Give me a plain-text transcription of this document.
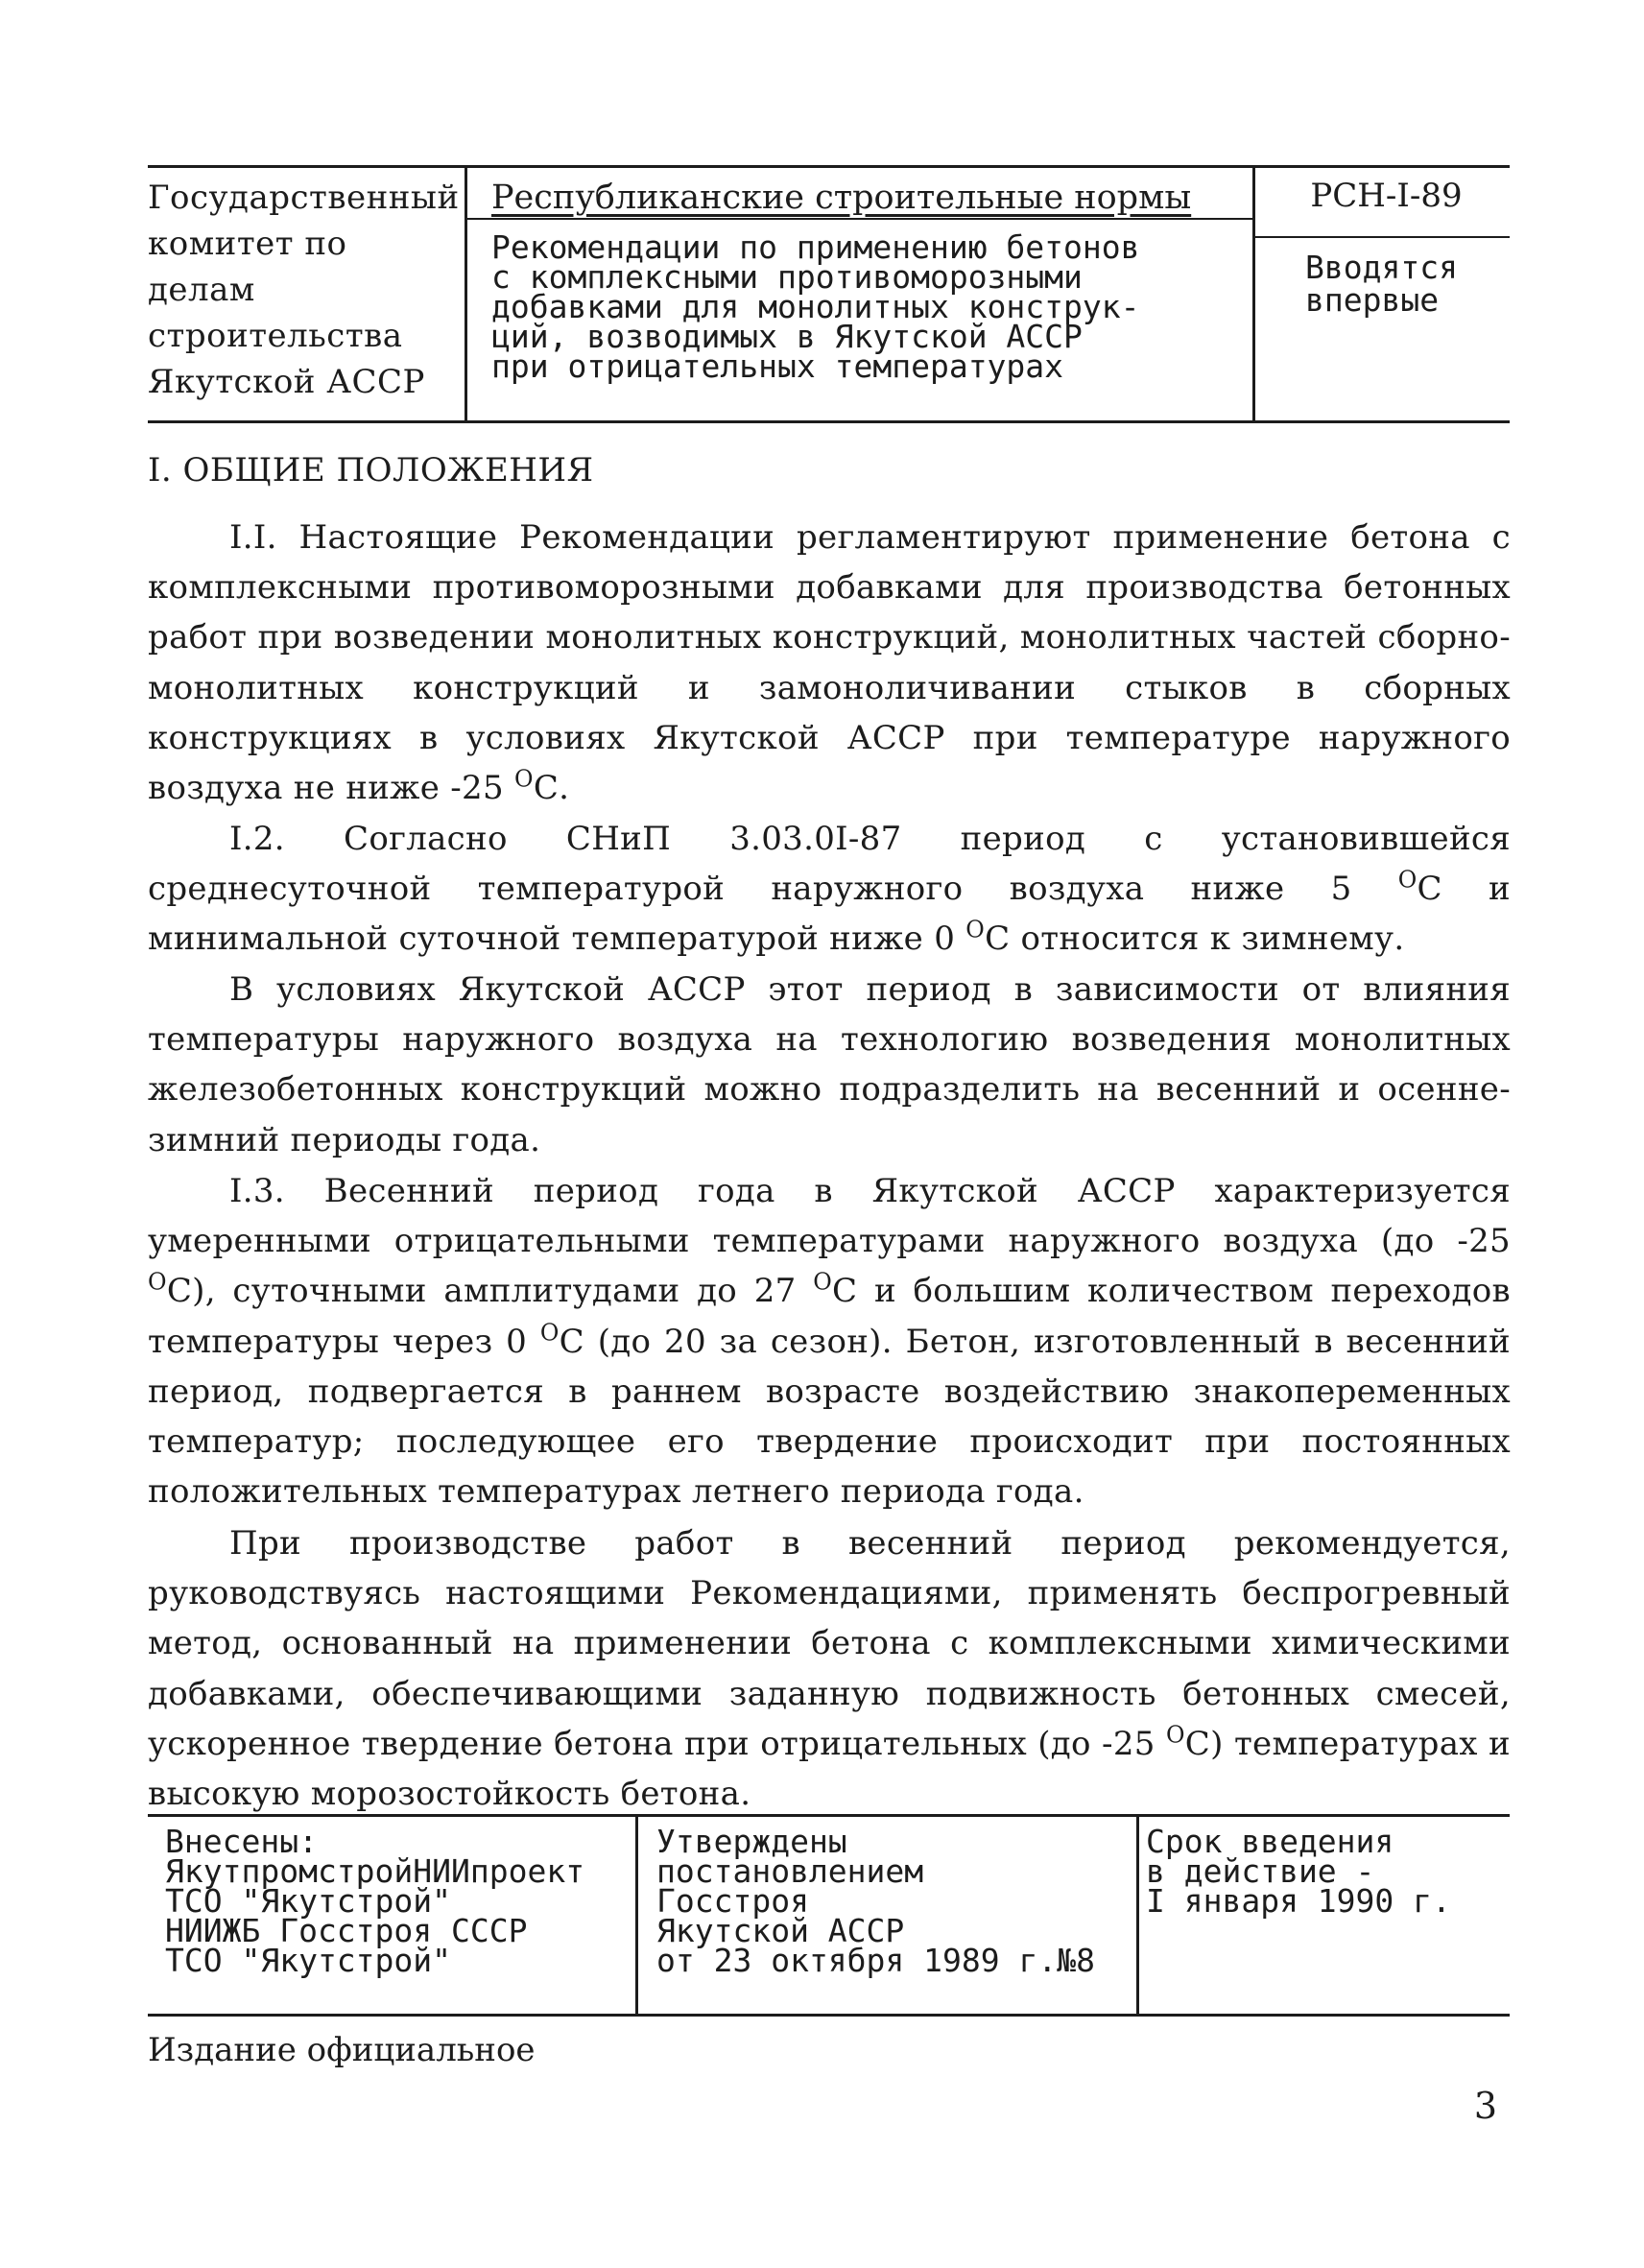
Государственный комитет по делам строительства Якутской АССР
Республиканские строительные нормы
Рекомендации по применению бетонов
с комплексными противоморозными
добавками для монолитных конструк-
ций, возводимых в Якутской АССР
при отрицательных температурах
РСН-I-89
Вводятся
впервые
I. ОБЩИЕ ПОЛОЖЕНИЯ
I.I. Настоящие Рекомендации регламентируют применение бетона с комплексными противоморозными добавками для производства бетонных работ при возведении монолитных конструкций, монолитных частей сборно-монолитных конструкций и замоноличивании стыков в сборных конструкциях в условиях Якутской АССР при температуре наружного воздуха не ниже -25 $^O$С.
I.2. Согласно СНиП 3.03.0I-87 период с установившейся среднесуточной температурой наружного воздуха ниже 5 $^O$С и минимальной суточной температурой ниже 0 $^O$С относится к зимнему.
В условиях Якутской АССР этот период в зависимости от влияния температуры наружного воздуха на технологию возведения монолитных железобетонных конструкций можно подразделить на весенний и осенне-зимний периоды года.
I.3. Весенний период года в Якутской АССР характеризуется умеренными отрицательными температурами наружного воздуха (до -25 $^O$С), суточными амплитудами до 27 $^O$С и большим количеством переходов температуры через 0 $^O$С (до 20 за сезон). Бетон, изготовленный в весенний период, подвергается в раннем возрасте воздействию знакопеременных температур; последующее его твердение происходит при постоянных положительных температурах летнего периода года.
При производстве работ в весенний период рекомендуется, руководствуясь настоящими Рекомендациями, применять беспрогревный метод, основанный на применении бетона с комплексными химическими добавками, обеспечивающими заданную подвижность бетонных смесей, ускоренное твердение бетона при отрицательных (до -25 $^O$С) температурах и высокую морозостойкость бетона.
Внесены:
ЯкутпромстройНИИпроект
ТСО "Якутстрой"
НИИЖБ Госстроя СССР
ТСО "Якутстрой"
Утверждены
постановлением
Госстроя
Якутской АССР
от 23 октября 1989 г.№8
Срок введения
в действие -
I января 1990 г.
Издание официальное
3
